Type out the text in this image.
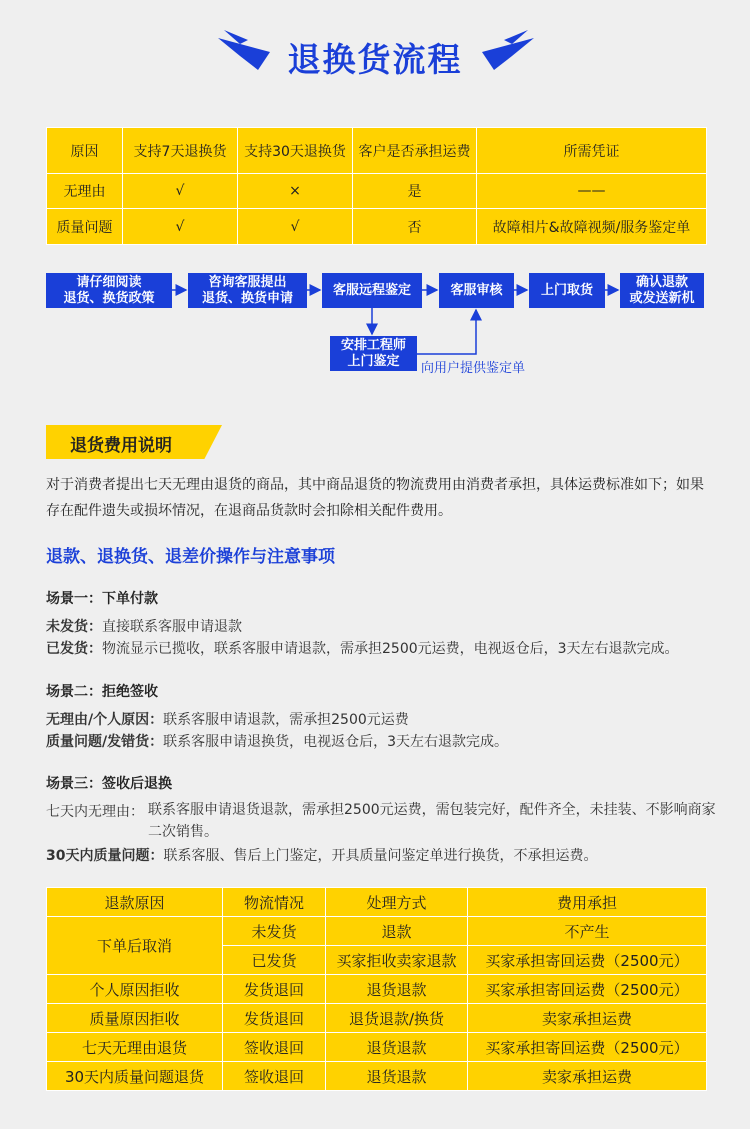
退换货流程
原因	支持7天退换货	支持30天退换货	客户是否承担运费	所需凭证
无理由	√	×	是	——
质量问题	√	√	否	故障相片&故障视频/服务鉴定单
请仔细阅读
退货、换货政策
咨询客服提出
退货、换货申请
客服远程鉴定	客服审核	上门取货
确认退款
或发送新机
安排工程师
上门鉴定	向用户提供鉴定单
退货费用说明
对于消费者提出七天无理由退货的商品，其中商品退货的物流费用由消费者承担，具体运费标准如下；如果存在配件遗失或损坏情况，在退商品货款时会扣除相关配件费用。
退款、退换货、退差价操作与注意事项
场景一：下单付款
未发货：直接联系客服申请退款
已发货：物流显示已揽收，联系客服申请退款，需承担2500元运费，电视返仓后，3天左右退款完成。
场景二：拒绝签收
无理由/个人原因：联系客服申请退款，需承担2500元运费
质量问题/发错货：联系客服申请退换货，电视返仓后，3天左右退款完成。
场景三：签收后退换
七天内无理由： 联系客服申请退货退款，需承担2500元运费，需包装完好，配件齐全，未挂装、不影响商家二次销售。
30天内质量问题：联系客服、售后上门鉴定，开具质量问鉴定单进行换货，不承担运费。
退款原因	物流情况	处理方式	费用承担
下单后取消	未发货	退款	不产生
	已发货	买家拒收卖家退款	买家承担寄回运费（2500元）
个人原因拒收	发货退回	退货退款	买家承担寄回运费（2500元）
质量原因拒收	发货退回	退货退款/换货	卖家承担运费
七天无理由退货	签收退回	退货退款	买家承担寄回运费（2500元）
30天内质量问题退货	签收退回	退货退款	卖家承担运费
